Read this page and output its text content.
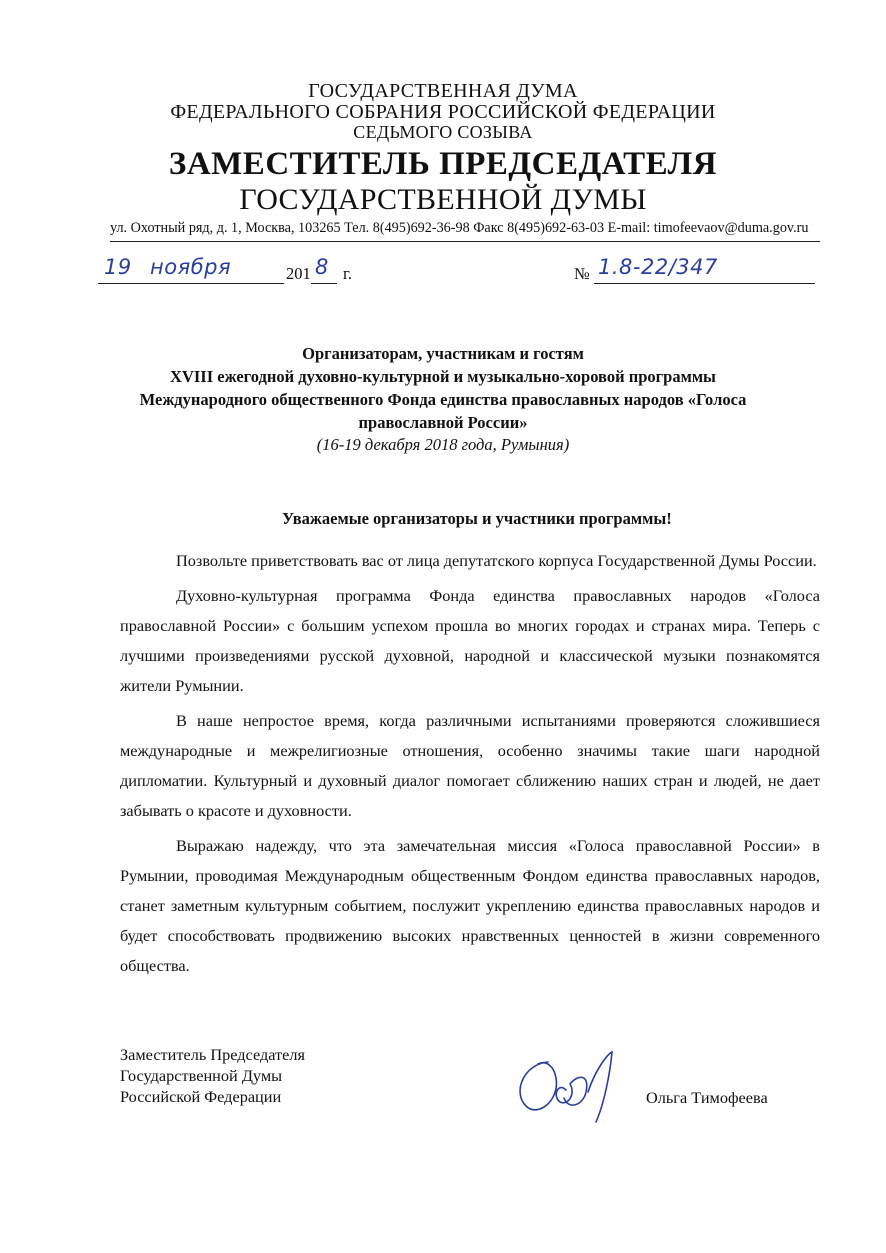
ГОСУДАРСТВЕННАЯ ДУМА
ФЕДЕРАЛЬНОГО СОБРАНИЯ РОССИЙСКОЙ ФЕДЕРАЦИИ
СЕДЬМОГО СОЗЫВА
ЗАМЕСТИТЕЛЬ ПРЕДСЕДАТЕЛЯ
ГОСУДАРСТВЕННОЙ ДУМЫ
ул. Охотный ряд, д. 1, Москва, 103265 Тел. 8(495)692-36-98 Факс 8(495)692-63-03 E-mail: timofeevaov@duma.gov.ru
19 ноября	201 8 г.	№ 1.8-22/347
Организаторам, участникам и гостям
XVIII ежегодной духовно-культурной и музыкально-хоровой программы
Международного общественного Фонда единства православных народов «Голоса
православной России»
(16-19 декабря 2018 года, Румыния)
Уважаемые организаторы и участники программы!

Позвольте приветствовать вас от лица депутатского корпуса Государственной Думы России.

Духовно-культурная программа Фонда единства православных народов «Голоса православной России» с большим успехом прошла во многих городах и странах мира. Теперь с лучшими произведениями русской духовной, народной и классической музыки познакомятся жители Румынии.

В наше непростое время, когда различными испытаниями проверяются сложившиеся международные и межрелигиозные отношения, особенно значимы такие шаги народной дипломатии. Культурный и духовный диалог помогает сближению наших стран и людей, не дает забывать о красоте и духовности.

Выражаю надежду, что эта замечательная миссия «Голоса православной России» в Румынии, проводимая Международным общественным Фондом единства православных народов, станет заметным культурным событием, послужит укреплению единства православных народов и будет способствовать продвижению высоких нравственных ценностей в жизни современного общества.

Заместитель Председателя
Государственной Думы
Российской Федерации	Ольга Тимофеева
